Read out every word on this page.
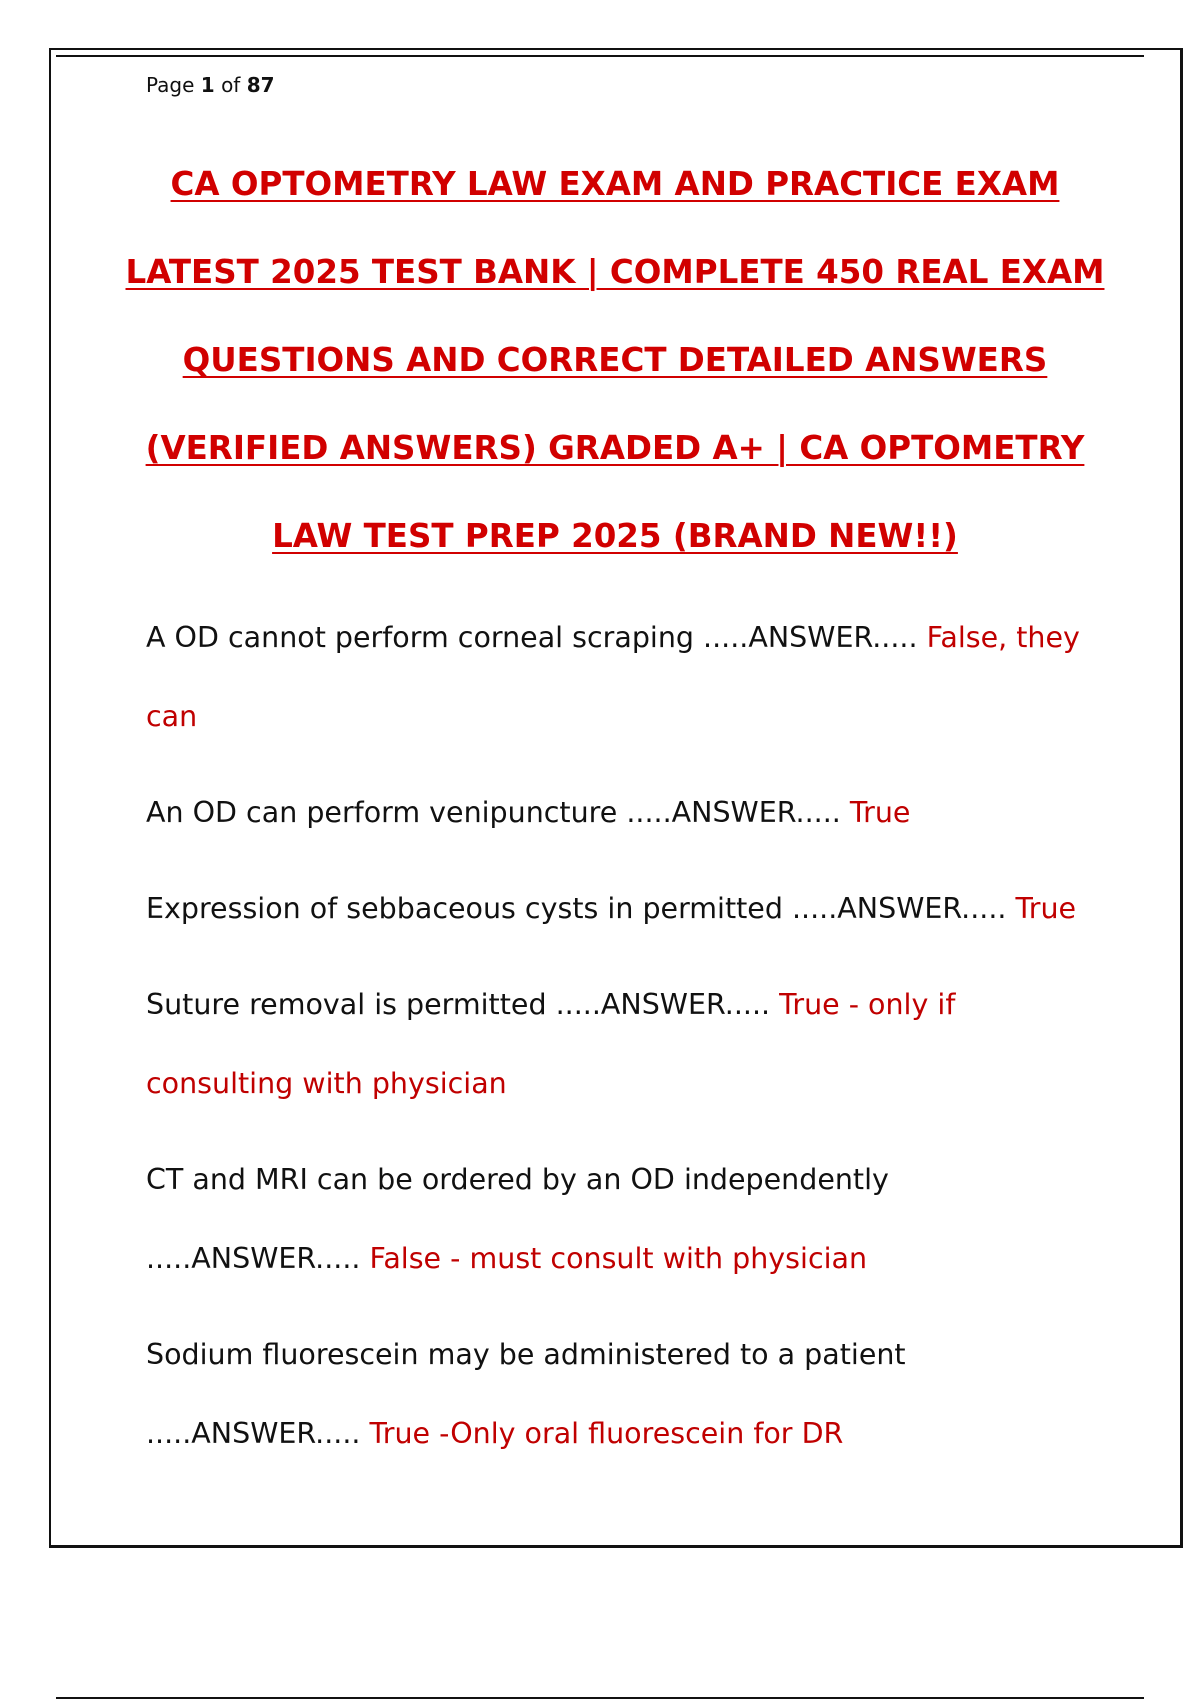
Page 1 of 87
CA OPTOMETRY LAW EXAM AND PRACTICE EXAM
LATEST 2025 TEST BANK | COMPLETE 450 REAL EXAM
QUESTIONS AND CORRECT DETAILED ANSWERS
(VERIFIED ANSWERS) GRADED A+ | CA OPTOMETRY
LAW TEST PREP 2025 (BRAND NEW!!)
A OD cannot perform corneal scraping .....ANSWER..... False, they can
An OD can perform venipuncture .....ANSWER..... True
Expression of sebbaceous cysts in permitted .....ANSWER..... True
Suture removal is permitted .....ANSWER..... True - only if consulting with physician
CT and MRI can be ordered by an OD independently .....ANSWER..... False - must consult with physician
Sodium fluorescein may be administered to a patient .....ANSWER..... True -Only oral fluorescein for DR
